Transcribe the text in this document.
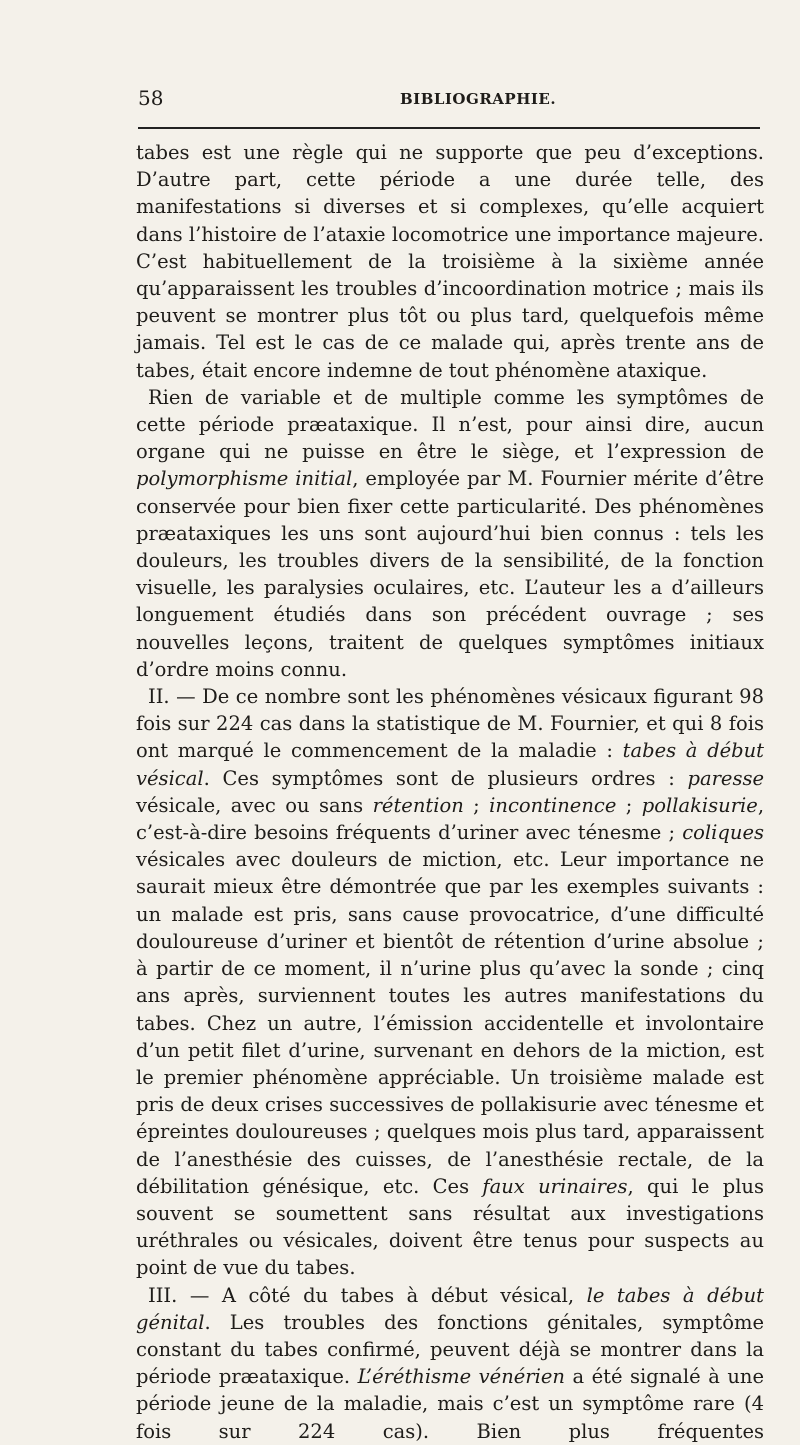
58	BIBLIOGRAPHIE.

tabes est une règle qui ne supporte que peu d’exceptions. D’autre part, cette période a une durée telle, des manifestations si diverses et si complexes, qu’elle acquiert dans l’histoire de l’ataxie locomotrice une importance majeure. C’est habituellement de la troisième à la sixième année qu’apparaissent les troubles d’incoordination motrice ; mais ils peuvent se montrer plus tôt ou plus tard, quelquefois même jamais. Tel est le cas de ce malade qui, après trente ans de tabes, était encore indemne de tout phénomène ataxique.

Rien de variable et de multiple comme les symptômes de cette période præataxique. Il n’est, pour ainsi dire, aucun organe qui ne puisse en être le siège, et l’expression de polymorphisme initial, employée par M. Fournier mérite d’être conservée pour bien fixer cette particularité. Des phénomènes præataxiques les uns sont aujourd’hui bien connus : tels les douleurs, les troubles divers de la sensibilité, de la fonction visuelle, les paralysies oculaires, etc. L’auteur les a d’ailleurs longuement étudiés dans son précédent ouvrage ; ses nouvelles leçons, traitent de quelques symptômes initiaux d’ordre moins connu.

II. — De ce nombre sont les phénomènes vésicaux figurant 98 fois sur 224 cas dans la statistique de M. Fournier, et qui 8 fois ont marqué le commencement de la maladie : tabes à début vésical. Ces symptômes sont de plusieurs ordres : paresse vésicale, avec ou sans rétention ; incontinence ; pollakisurie, c’est-à-dire besoins fréquents d’uriner avec ténesme ; coliques vésicales avec douleurs de miction, etc. Leur importance ne saurait mieux être démontrée que par les exemples suivants : un malade est pris, sans cause provocatrice, d’une difficulté douloureuse d’uriner et bientôt de rétention d’urine absolue ; à partir de ce moment, il n’urine plus qu’avec la sonde ; cinq ans après, surviennent toutes les autres manifestations du tabes. Chez un autre, l’émission accidentelle et involontaire d’un petit filet d’urine, survenant en dehors de la miction, est le premier phénomène appréciable. Un troisième malade est pris de deux crises successives de pollakisurie avec ténesme et épreintes douloureuses ; quelques mois plus tard, apparaissent de l’anesthésie des cuisses, de l’anesthésie rectale, de la débilitation génésique, etc. Ces faux urinaires, qui le plus souvent se soumettent sans résultat aux investigations uréthrales ou vésicales, doivent être tenus pour suspects au point de vue du tabes.

III. — A côté du tabes à début vésical, le tabes à début génital. Les troubles des fonctions génitales, symptôme constant du tabes confirmé, peuvent déjà se montrer dans la période præataxique. L’éréthisme vénérien a été signalé à une période jeune de la maladie, mais c’est un symptôme rare (4 fois sur 224 cas). Bien plus fréquentes
